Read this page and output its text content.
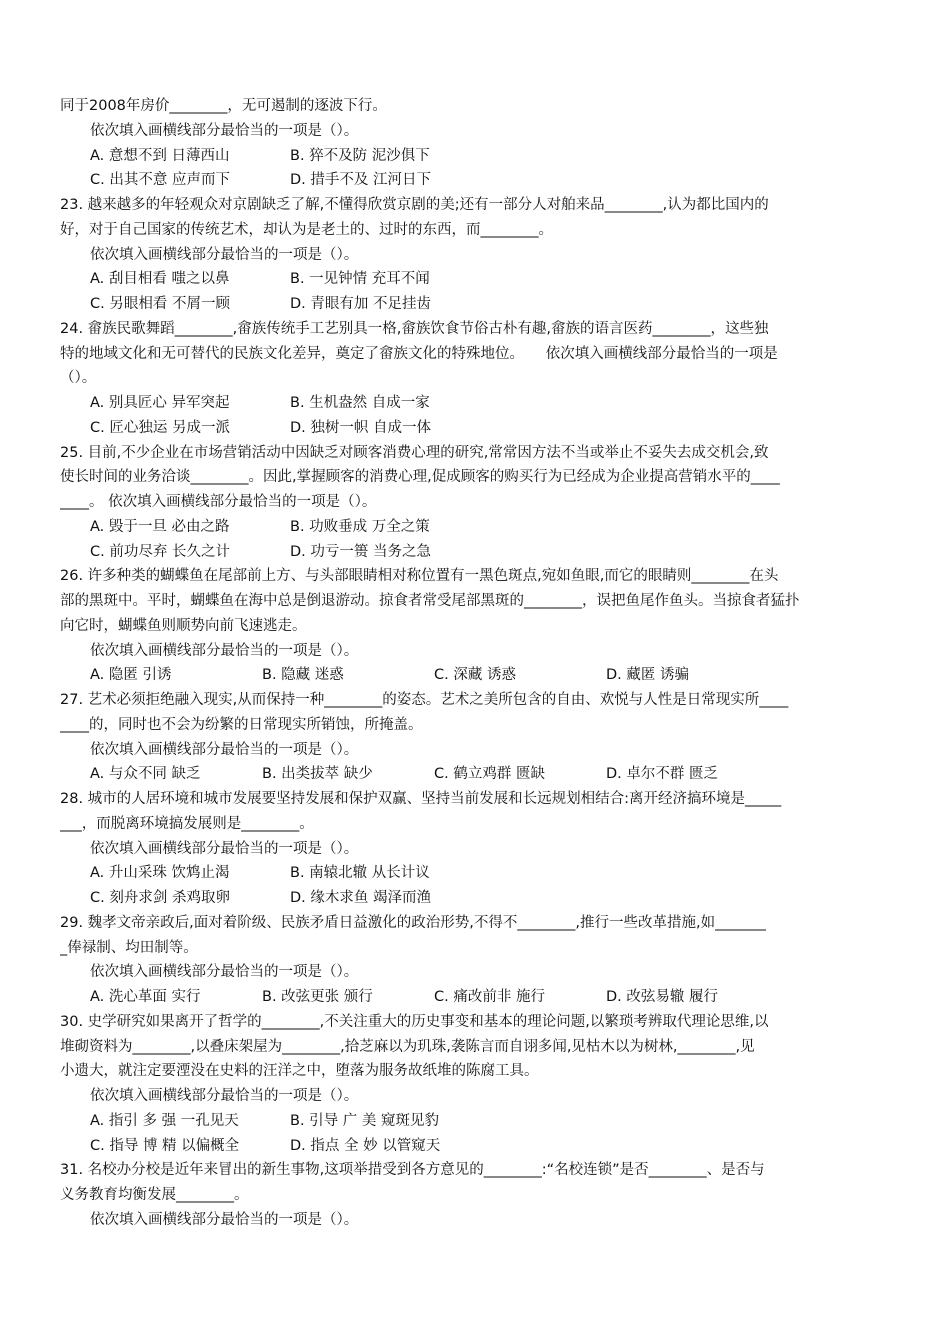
同于2008年房价________，无可遏制的逐波下行。
依次填入画横线部分最恰当的一项是（）。
A. 意想不到 日薄西山	B. 猝不及防 泥沙俱下
C. 出其不意 应声而下	D. 措手不及 江河日下
23. 越来越多的年轻观众对京剧缺乏了解,不懂得欣赏京剧的美;还有一部分人对舶来品________,认为都比国内的
好，对于自己国家的传统艺术，却认为是老土的、过时的东西，而________。
依次填入画横线部分最恰当的一项是（）。
A. 刮目相看 嗤之以鼻	B. 一见钟情 充耳不闻
C. 另眼相看 不屑一顾	D. 青眼有加 不足挂齿
24. 畲族民歌舞蹈________,畲族传统手工艺别具一格,畲族饮食节俗古朴有趣,畲族的语言医药________，这些独
特的地域文化和无可替代的民族文化差异，奠定了畲族文化的特殊地位。　　依次填入画横线部分最恰当的一项是
（）。
A. 别具匠心 异军突起	B. 生机盎然 自成一家
C. 匠心独运 另成一派	D. 独树一帜 自成一体
25. 目前,不少企业在市场营销活动中因缺乏对顾客消费心理的研究,常常因方法不当或举止不妥失去成交机会,致
使长时间的业务洽谈________。因此,掌握顾客的消费心理,促成顾客的购买行为已经成为企业提高营销水平的____
____。 依次填入画横线部分最恰当的一项是（）。
A. 毁于一旦 必由之路	B. 功败垂成 万全之策
C. 前功尽弃 长久之计	D. 功亏一篑 当务之急
26. 许多种类的蝴蝶鱼在尾部前上方、与头部眼睛相对称位置有一黑色斑点,宛如鱼眼,而它的眼睛则________在头
部的黑斑中。平时，蝴蝶鱼在海中总是倒退游动。掠食者常受尾部黑斑的________，误把鱼尾作鱼头。当掠食者猛扑
向它时，蝴蝶鱼则顺势向前飞速逃走。
依次填入画横线部分最恰当的一项是（）。
A. 隐匿 引诱	B. 隐藏 迷惑	C. 深藏 诱惑	D. 藏匿 诱骗
27. 艺术必须拒绝融入现实,从而保持一种________的姿态。艺术之美所包含的自由、欢悦与人性是日常现实所____
____的，同时也不会为纷繁的日常现实所销蚀，所掩盖。
依次填入画横线部分最恰当的一项是（）。
A. 与众不同 缺乏	B. 出类拔萃 缺少	C. 鹤立鸡群 匮缺	D. 卓尔不群 匮乏
28. 城市的人居环境和城市发展要坚持发展和保护双赢、坚持当前发展和长远规划相结合:离开经济搞环境是_____
___，而脱离环境搞发展则是________。
依次填入画横线部分最恰当的一项是（）。
A. 升山采珠 饮鸩止渴	B. 南辕北辙 从长计议
C. 刻舟求剑 杀鸡取卵	D. 缘木求鱼 竭泽而渔
29. 魏孝文帝亲政后,面对着阶级、民族矛盾日益激化的政治形势,不得不________,推行一些改革措施,如_______
_俸禄制、均田制等。
依次填入画横线部分最恰当的一项是（）。
A. 洗心革面 实行	B. 改弦更张 颁行	C. 痛改前非 施行	D. 改弦易辙 履行
30. 史学研究如果离开了哲学的________,不关注重大的历史事变和基本的理论问题,以繁琐考辨取代理论思维,以
堆砌资料为________,以叠床架屋为________,拾芝麻以为玑珠,袭陈言而自诩多闻,见枯木以为树林,________,见
小遗大，就注定要湮没在史料的汪洋之中，堕落为服务故纸堆的陈腐工具。
依次填入画横线部分最恰当的一项是（）。
A. 指引 多 强 一孔见天	B. 引导 广 美 窥斑见豹
C. 指导 博 精 以偏概全	D. 指点 全 妙 以管窥天
31. 名校办分校是近年来冒出的新生事物,这项举措受到各方意见的________:“名校连锁”是否________、是否与
义务教育均衡发展________。
依次填入画横线部分最恰当的一项是（）。
